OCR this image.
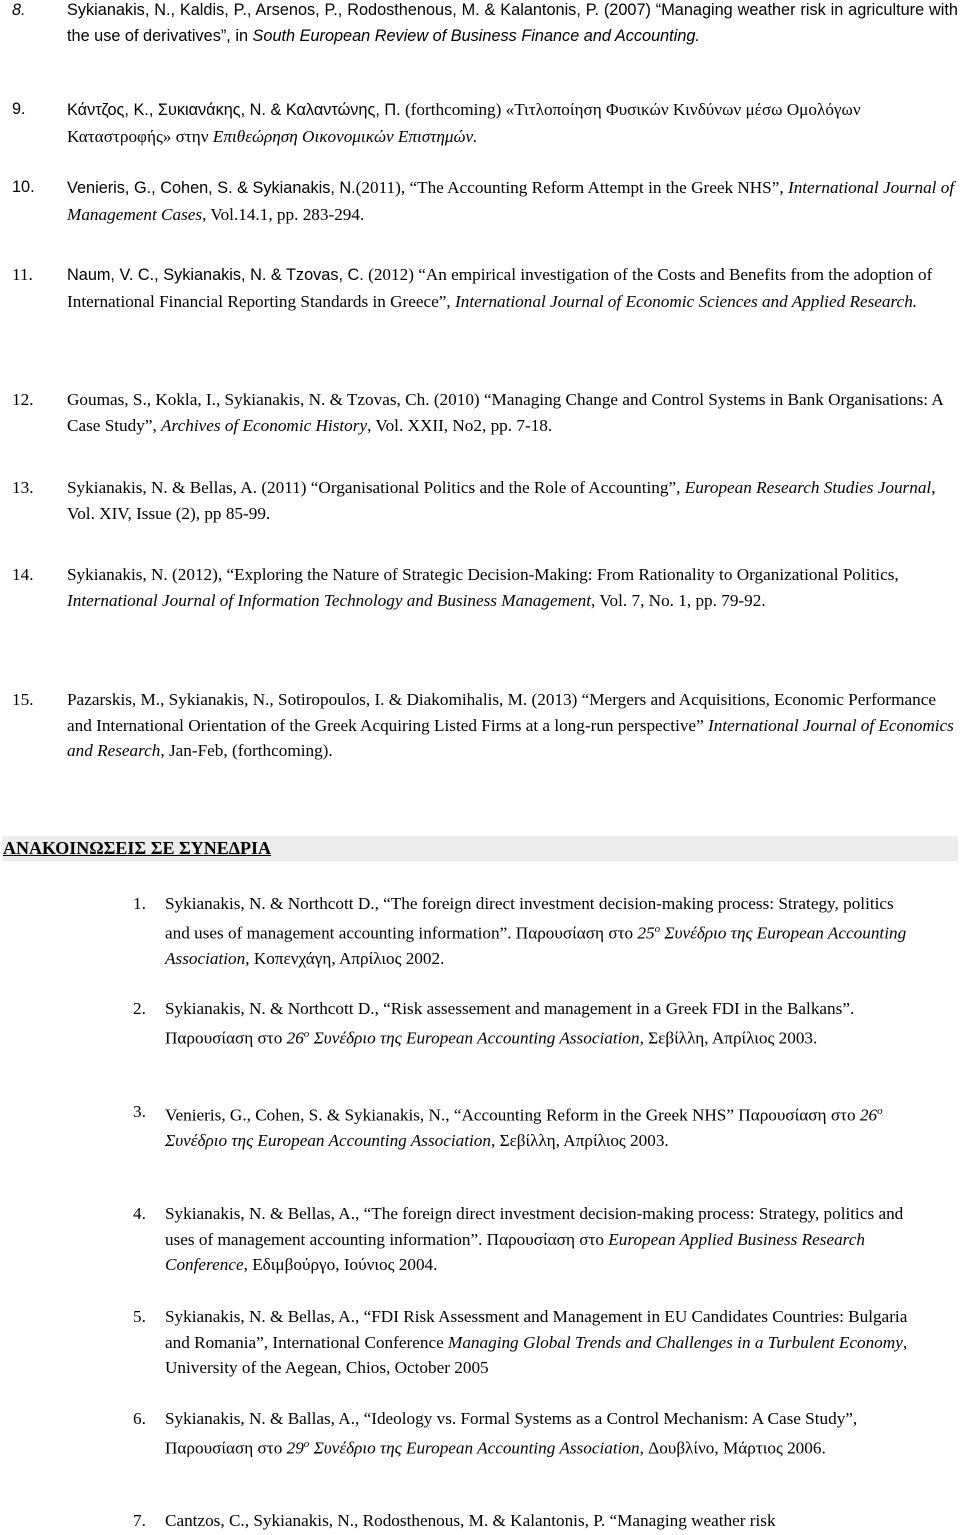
8.	Sykianakis, N., Kaldis, P., Arsenos, P., Rodosthenous, M. & Kalantonis, P. (2007) “Managing weather risk in agriculture with the use of derivatives”, in South European Review of Business Finance and Accounting.
9.	Κάντζος, Κ., Συκιανάκης, Ν. & Καλαντώνης, Π. (forthcoming) «Τιτλοποίηση Φυσικών Κινδύνων μέσω Ομολόγων Καταστροφής» στην Επιθεώρηση Οικονομικών Επιστημών.
10. Venieris, G., Cohen, S. & Sykianakis, N.(2011), “The Accounting Reform Attempt in the Greek NHS”, International Journal of Management Cases, Vol.14.1, pp. 283-294.
11. Naum, V. C., Sykianakis, N. & Tzovas, C. (2012) “An empirical investigation of the Costs and Benefits from the adoption of International Financial Reporting Standards in Greece”, International Journal of Economic Sciences and Applied Research.
12. Goumas, S., Kokla, I., Sykianakis, N. & Tzovas, Ch. (2010) “Managing Change and Control Systems in Bank Organisations: A Case Study”, Archives of Economic History, Vol. XXII, No2, pp. 7-18.
13. Sykianakis, N. & Bellas, A. (2011) “Organisational Politics and the Role of Accounting”, European Research Studies Journal, Vol. XIV, Issue (2), pp 85-99.
14. Sykianakis, N. (2012), “Exploring the Nature of Strategic Decision-Making: From Rationality to Organizational Politics, International Journal of Information Technology and Business Management, Vol. 7, No. 1, pp. 79-92.
15. Pazarskis, M., Sykianakis, N., Sotiropoulos, I. & Diakomihalis, M. (2013) “Mergers and Acquisitions, Economic Performance and International Orientation of the Greek Acquiring Listed Firms at a long-run perspective” International Journal of Economics and Research, Jan-Feb, (forthcoming).
ΑΝΑΚΟΙΝΩΣΕΙΣ ΣΕ ΣΥΝΕΔΡΙΑ
1. Sykianakis, N. & Northcott D., “The foreign direct investment decision-making process: Strategy, politics and uses of management accounting information”. Παρουσίαση στο $25^o$ Συνέδριο της European Accounting Association, Κοπενχάγη, Απρίλιος 2002.
2. Sykianakis, N. & Northcott D., “Risk assessement and management in a Greek FDI in the Balkans”. Παρουσίαση στο $26^o$ Συνέδριο της European Accounting Association, Σεβίλλη, Απρίλιος 2003.
3. Venieris, G., Cohen, S. & Sykianakis, N., “Accounting Reform in the Greek NHS” Παρουσίαση στο $26^o$ Συνέδριο της European Accounting Association, Σεβίλλη, Απρίλιος 2003.
4. Sykianakis, N. & Bellas, A., “The foreign direct investment decision-making process: Strategy, politics and uses of management accounting information”. Παρουσίαση στο European Applied Business Research Conference, Εδιμβούργο, Ιούνιος 2004.
5. Sykianakis, N. & Bellas, A., “FDI Risk Assessment and Management in EU Candidates Countries: Bulgaria and Romania”, International Conference Managing Global Trends and Challenges in a Turbulent Economy, University of the Aegean, Chios, October 2005
6. Sykianakis, N. & Ballas, A., “Ideology vs. Formal Systems as a Control Mechanism: A Case Study”, Παρουσίαση στο $29^o$ Συνέδριο της European Accounting Association, Δουβλίνο, Μάρτιος 2006.
7. Cantzos, C., Sykianakis, N., Rodosthenous, M. & Kalantonis, P. “Managing weather risk
